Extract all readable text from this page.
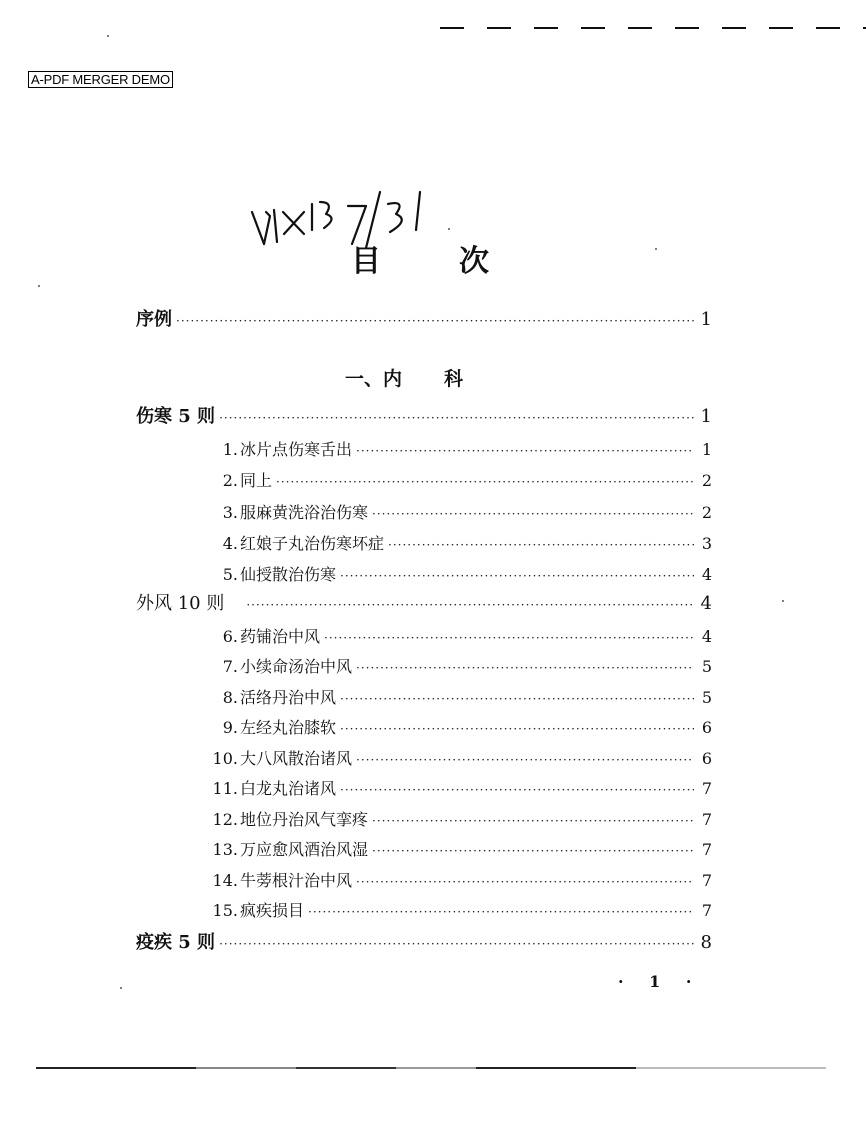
A-PDF MERGER DEMO
目	次
序例 ·····	1
一、内 科
伤寒 5 则 ·····	1
1. 冰片点伤寒舌出 ·····	1
2. 同上 ·····	2
3. 服麻黄洗浴治伤寒 ·····	2
4. 红娘子丸治伤寒坏症 ·····	3
5. 仙授散治伤寒 ·····	4
外风 10 则 ·····	4
6. 药铺治中风 ·····	4
7. 小续命汤治中风 ·····	5
8. 活络丹治中风 ·····	5
9. 左经丸治膝软 ·····	6
10. 大八风散治诸风 ·····	6
11. 白龙丸治诸风 ·····	7
12. 地位丹治风气挛疼 ·····	7
13. 万应愈风酒治风湿 ·····	7
14. 牛蒡根汁治中风 ·····	7
15. 疯疾损目 ·····	7
疫疾 5 则 ·····	8
· 1 ·
